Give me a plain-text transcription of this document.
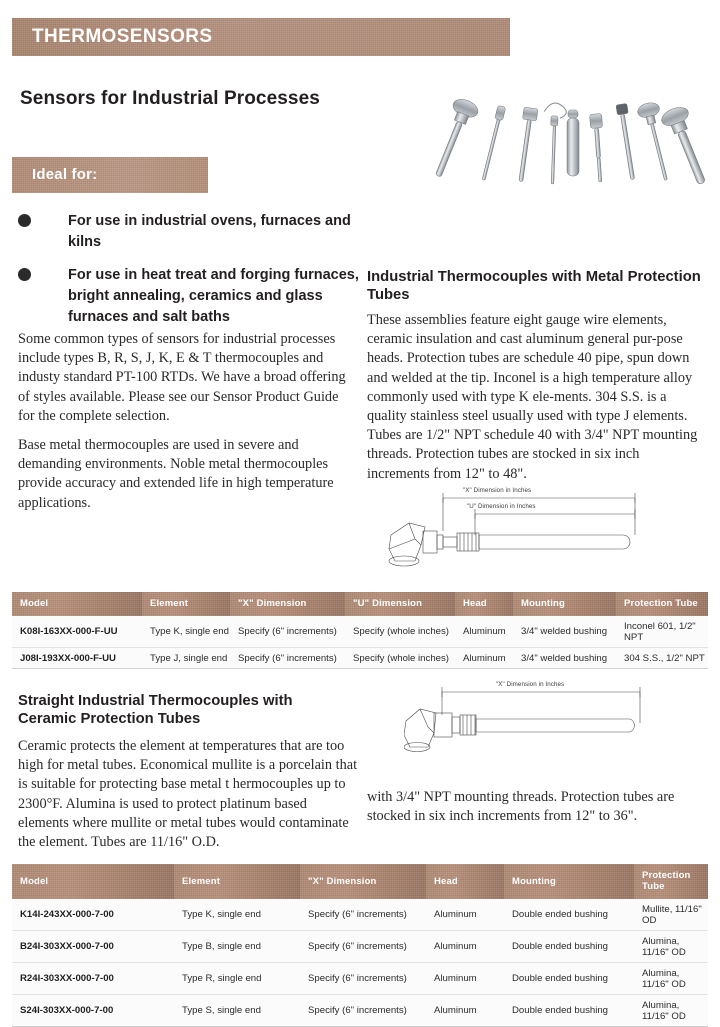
THERMOSENSORS
Sensors for Industrial Processes
Ideal for:
For use in industrial ovens, furnaces and kilns
For use in heat treat and forging furnaces, bright annealing, ceramics and glass furnaces and salt baths

Some common types of sensors for industrial processes include types B, R, S, J, K, E & T thermocouples and industy standard PT-100 RTDs. We have a broad offering of styles available. Please see our Sensor Product Guide for the complete selection.

Base metal thermocouples are used in severe and demanding environments. Noble metal thermocouples provide accuracy and extended life in high temperature applications.

Industrial Thermocouples with Metal Protection Tubes

These assemblies feature eight gauge wire elements, ceramic insulation and cast aluminum general pur-pose heads. Protection tubes are schedule 40 pipe, spun down and welded at the tip. Inconel is a high temperature alloy commonly used with type K ele-ments. 304 S.S. is a quality stainless steel usually used with type J elements. Tubes are 1/2" NPT schedule 40 with 3/4" NPT mounting threads. Protection tubes are stocked in six inch increments from 12" to 48".

"X" Dimension in Inches
"U" Dimension in Inches
Model	Element	"X" Dimension	"U" Dimension	Head	Mounting	Protection Tube
K08I-163XX-000-F-UU	Type K, single end	Specify (6" increments)	Specify (whole inches)	Aluminum	3/4" welded bushing	Inconel 601, 1/2" NPT
J08I-193XX-000-F-UU	Type J, single end	Specify (6" increments)	Specify (whole inches)	Aluminum	3/4" welded bushing	304 S.S., 1/2" NPT
Straight Industrial Thermocouples with Ceramic Protection Tubes

Ceramic protects the element at temperatures that are too high for metal tubes. Economical mullite is a porcelain that is suitable for protecting base metal t hermocouples up to 2300°F. Alumina is used to protect platinum based elements where mullite or metal tubes would contaminate the element. Tubes are 11/16" O.D.

with 3/4" NPT mounting threads. Protection tubes are stocked in six inch increments from 12" to 36".

"X" Dimension in Inches
Model	Element	"X" Dimension	Head	Mounting	Protection Tube
K14I-243XX-000-7-00	Type K, single end	Specify (6" increments)	Aluminum	Double ended bushing	Mullite, 11/16" OD
B24I-303XX-000-7-00	Type B, single end	Specify (6" increments)	Aluminum	Double ended bushing	Alumina, 11/16" OD
R24I-303XX-000-7-00	Type R, single end	Specify (6" increments)	Aluminum	Double ended bushing	Alumina, 11/16" OD
S24I-303XX-000-7-00	Type S, single end	Specify (6" increments)	Aluminum	Double ended bushing	Alumina, 11/16" OD
